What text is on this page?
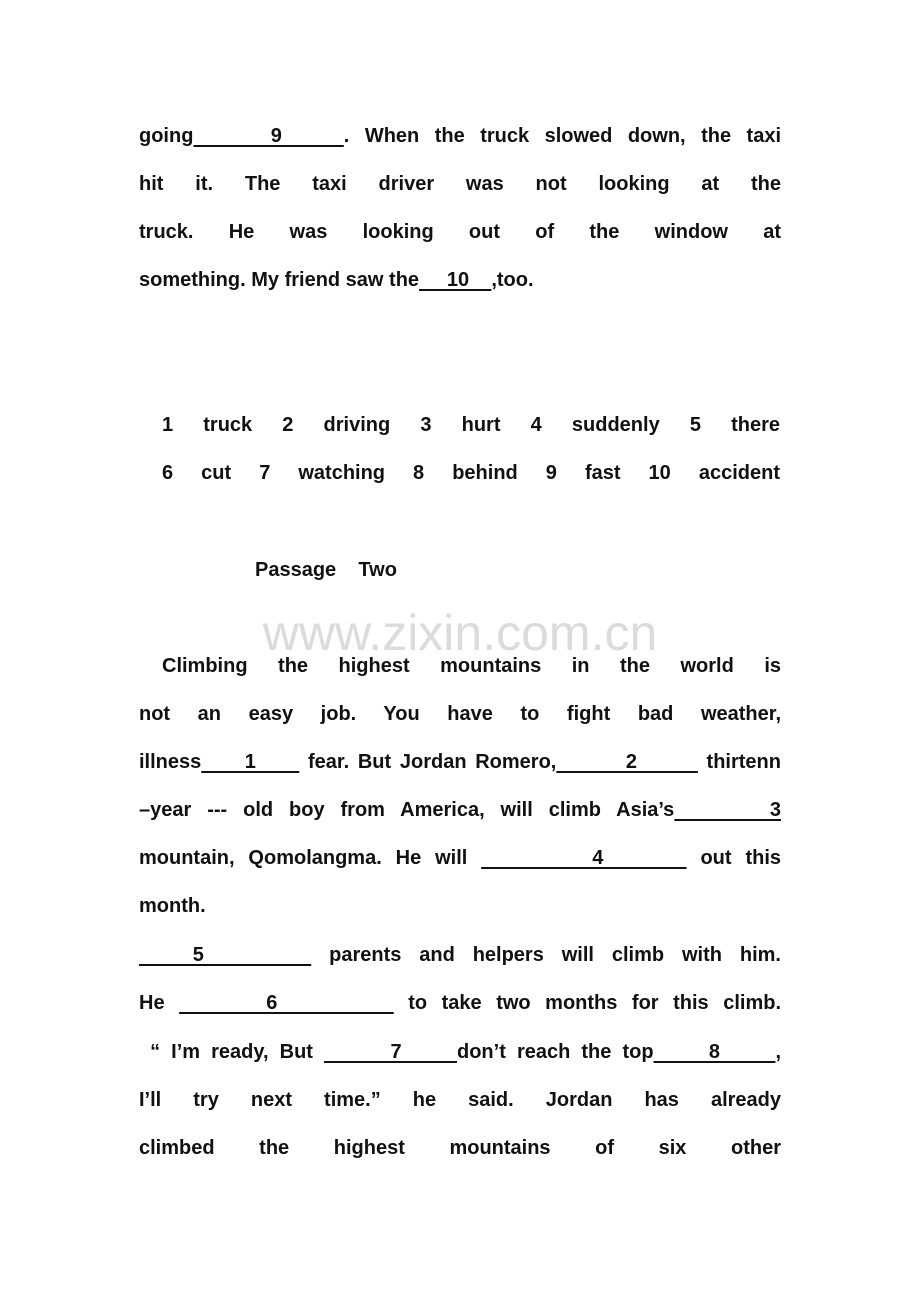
going     9    . When the truck slowed down, the taxi
hit it. The taxi driver was not looking at the
truck. He was looking out of the window at
something. My friend saw the     10    ,too.
1 truck 2 driving 3 hurt 4 suddenly 5 there
6 cut 7 watching 8 behind 9 fast 10 accident
Passage    Two
www.zixin.com.cn
Climbing the highest mountains in the world is
not an easy job. You have to fight bad weather,
illness     1      fear. But Jordan Romero,        2        thirtenn
–year --- old boy from America, will climb Asia’s      3
mountain, Qomolangma. He will         4       out this
month.
5       parents and helpers will climb with him.
He       6         to take two months for this climb.
“ I’m ready, But       7     don’t reach the top     8     ,
I’ll try next time.” he said. Jordan has already
climbed the highest mountains of six other
